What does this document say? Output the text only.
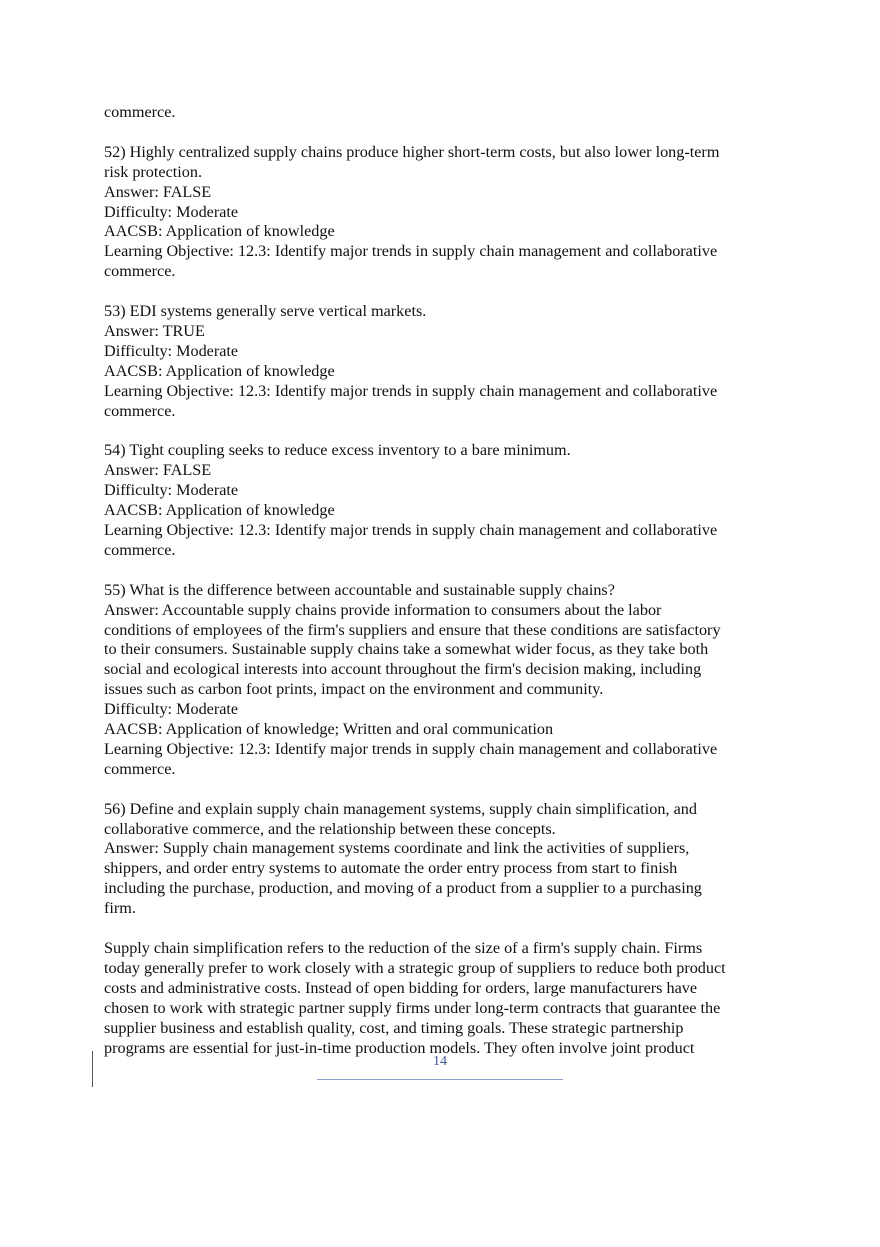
commerce.
52) Highly centralized supply chains produce higher short-term costs, but also lower long-term
risk protection.
Answer: FALSE
Difficulty: Moderate
AACSB: Application of knowledge
Learning Objective: 12.3: Identify major trends in supply chain management and collaborative
commerce.
53) EDI systems generally serve vertical markets.
Answer: TRUE
Difficulty: Moderate
AACSB: Application of knowledge
Learning Objective: 12.3: Identify major trends in supply chain management and collaborative
commerce.
54) Tight coupling seeks to reduce excess inventory to a bare minimum.
Answer: FALSE
Difficulty: Moderate
AACSB: Application of knowledge
Learning Objective: 12.3: Identify major trends in supply chain management and collaborative
commerce.
55) What is the difference between accountable and sustainable supply chains?
Answer: Accountable supply chains provide information to consumers about the labor
conditions of employees of the firm's suppliers and ensure that these conditions are satisfactory
to their consumers. Sustainable supply chains take a somewhat wider focus, as they take both
social and ecological interests into account throughout the firm's decision making, including
issues such as carbon foot prints, impact on the environment and community.
Difficulty: Moderate
AACSB: Application of knowledge; Written and oral communication
Learning Objective: 12.3: Identify major trends in supply chain management and collaborative
commerce.
56) Define and explain supply chain management systems, supply chain simplification, and
collaborative commerce, and the relationship between these concepts.
Answer: Supply chain management systems coordinate and link the activities of suppliers,
shippers, and order entry systems to automate the order entry process from start to finish
including the purchase, production, and moving of a product from a supplier to a purchasing
firm.
Supply chain simplification refers to the reduction of the size of a firm's supply chain. Firms
today generally prefer to work closely with a strategic group of suppliers to reduce both product
costs and administrative costs. Instead of open bidding for orders, large manufacturers have
chosen to work with strategic partner supply firms under long-term contracts that guarantee the
supplier business and establish quality, cost, and timing goals. These strategic partnership
programs are essential for just-in-time production models. They often involve joint product
14
